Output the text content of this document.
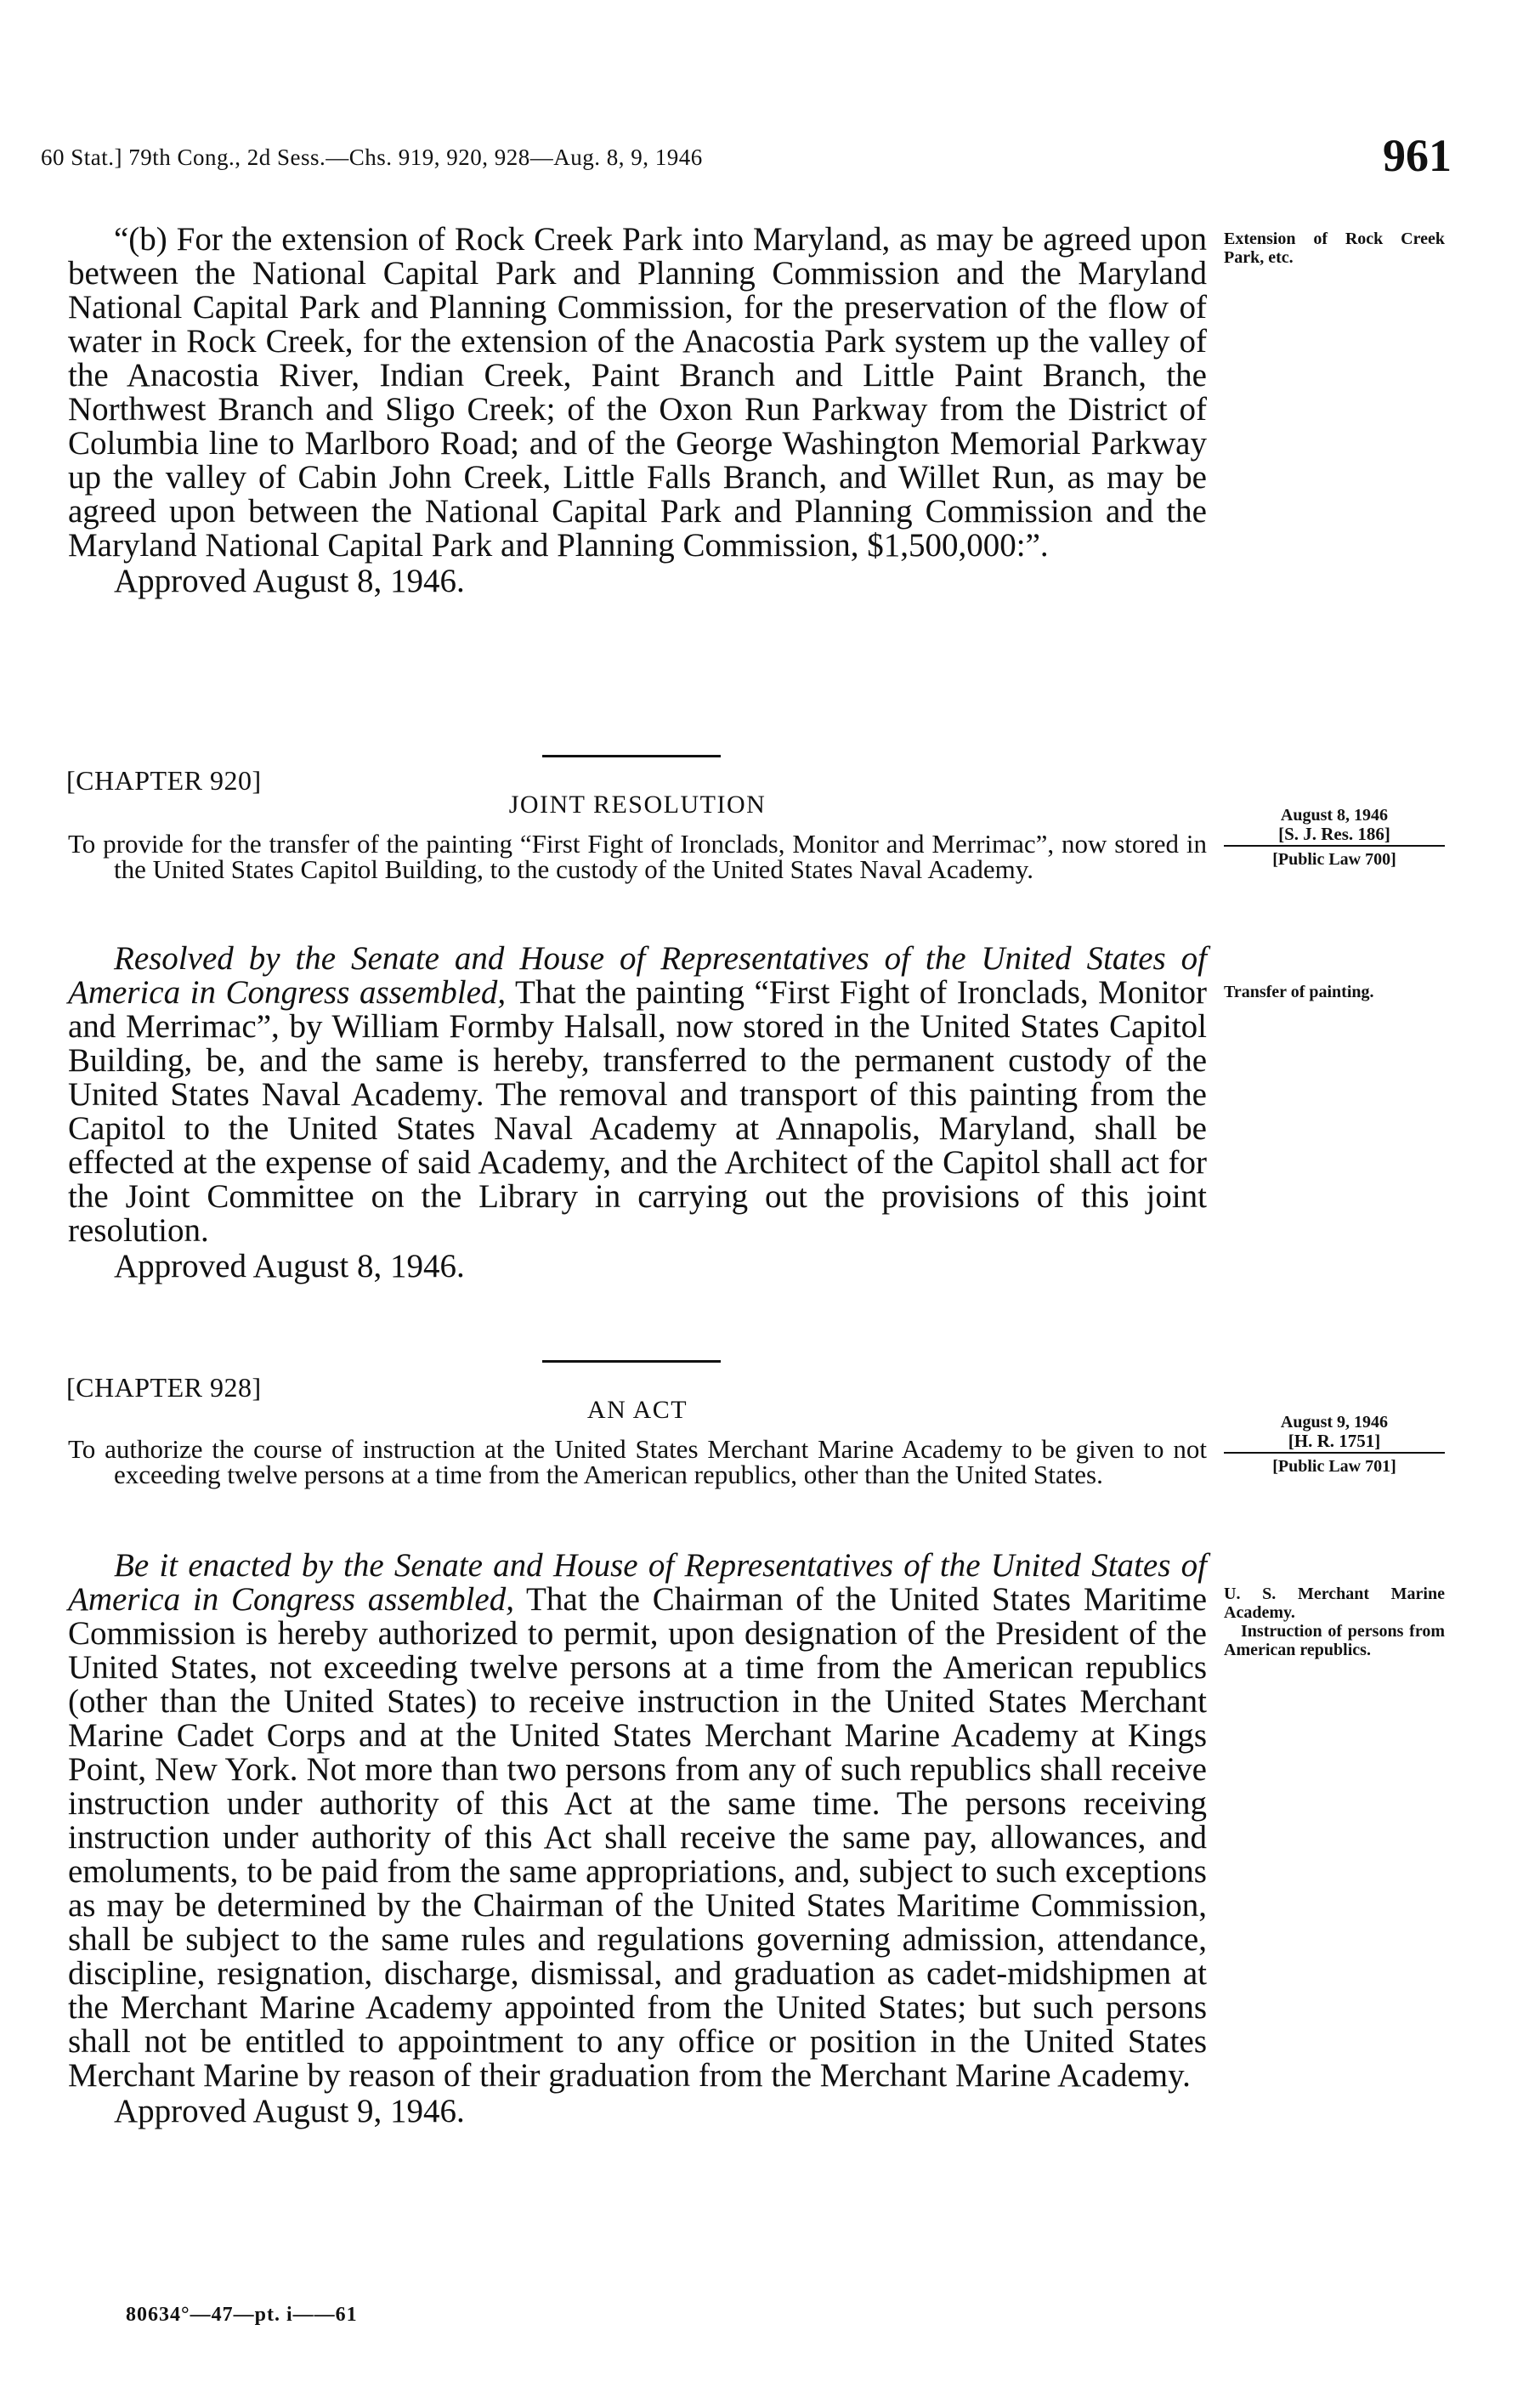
60 Stat.] 79th Cong., 2d Sess.—Chs. 919, 920, 928—Aug. 8, 9, 1946	961

“(b) For the extension of Rock Creek Park into Maryland, as may be agreed upon between the National Capital Park and Planning Commission and the Maryland National Capital Park and Planning Commission, for the preservation of the flow of water in Rock Creek, for the extension of the Anacostia Park system up the valley of the Anacostia River, Indian Creek, Paint Branch and Little Paint Branch, the Northwest Branch and Sligo Creek; of the Oxon Run Parkway from the District of Columbia line to Marlboro Road; and of the George Washington Memorial Parkway up the valley of Cabin John Creek, Little Falls Branch, and Willet Run, as may be agreed upon between the National Capital Park and Planning Commission and the Maryland National Capital Park and Planning Commission, $1,500,000:”.

Approved August 8, 1946.
Extension of Rock Creek Park, etc.
[CHAPTER 920]
JOINT RESOLUTION
To provide for the transfer of the painting “First Fight of Ironclads, Monitor and Merrimac”, now stored in the United States Capitol Building, to the custody of the United States Naval Academy.
August 8, 1946
[S. J. Res. 186]
[Public Law 700]

Resolved by the Senate and House of Representatives of the United States of America in Congress assembled, That the painting “First Fight of Ironclads, Monitor and Merrimac”, by William Formby Halsall, now stored in the United States Capitol Building, be, and the same is hereby, transferred to the permanent custody of the United States Naval Academy. The removal and transport of this painting from the Capitol to the United States Naval Academy at Annapolis, Maryland, shall be effected at the expense of said Academy, and the Architect of the Capitol shall act for the Joint Committee on the Library in carrying out the provisions of this joint resolution.

Approved August 8, 1946.
Transfer of painting.
[CHAPTER 928]
AN ACT
To authorize the course of instruction at the United States Merchant Marine Academy to be given to not exceeding twelve persons at a time from the American republics, other than the United States.
August 9, 1946
[H. R. 1751]
[Public Law 701]

Be it enacted by the Senate and House of Representatives of the United States of America in Congress assembled, That the Chairman of the United States Maritime Commission is hereby authorized to permit, upon designation of the President of the United States, not exceeding twelve persons at a time from the American republics (other than the United States) to receive instruction in the United States Merchant Marine Cadet Corps and at the United States Merchant Marine Academy at Kings Point, New York. Not more than two persons from any of such republics shall receive instruction under authority of this Act at the same time. The persons receiving instruction under authority of this Act shall receive the same pay, allowances, and emoluments, to be paid from the same appropriations, and, subject to such exceptions as may be determined by the Chairman of the United States Maritime Commission, shall be subject to the same rules and regulations governing admission, attendance, discipline, resignation, discharge, dismissal, and graduation as cadet-midshipmen at the Merchant Marine Academy appointed from the United States; but such persons shall not be entitled to appointment to any office or position in the United States Merchant Marine by reason of their graduation from the Merchant Marine Academy.

Approved August 9, 1946.
U. S. Merchant Marine Academy.
Instruction of persons from American republics.
80634°—47—pt. i——61
